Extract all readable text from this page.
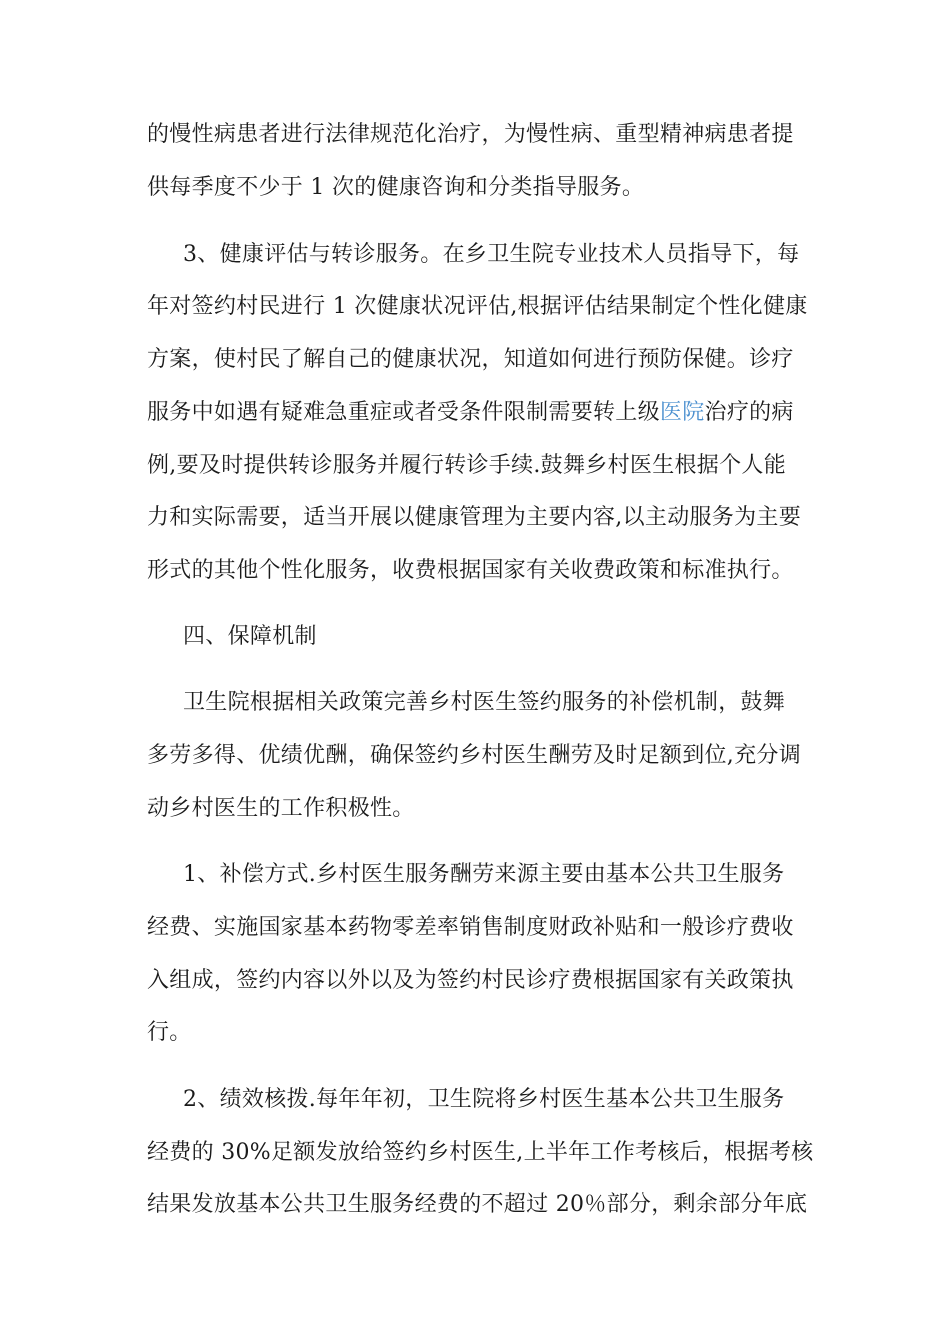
的慢性病患者进行法律规范化治疗，为慢性病、重型精神病患者提
供每季度不少于 1 次的健康咨询和分类指导服务。
3、健康评估与转诊服务。在乡卫生院专业技术人员指导下，每
年对签约村民进行 1 次健康状况评估,根据评估结果制定个性化健康
方案，使村民了解自己的健康状况，知道如何进行预防保健。诊疗
服务中如遇有疑难急重症或者受条件限制需要转上级医院治疗的病
例,要及时提供转诊服务并履行转诊手续.鼓舞乡村医生根据个人能
力和实际需要，适当开展以健康管理为主要内容,以主动服务为主要
形式的其他个性化服务，收费根据国家有关收费政策和标准执行。
四、保障机制
卫生院根据相关政策完善乡村医生签约服务的补偿机制，鼓舞
多劳多得、优绩优酬，确保签约乡村医生酬劳及时足额到位,充分调
动乡村医生的工作积极性。
1、补偿方式.乡村医生服务酬劳来源主要由基本公共卫生服务
经费、实施国家基本药物零差率销售制度财政补贴和一般诊疗费收
入组成，签约内容以外以及为签约村民诊疗费根据国家有关政策执
行。
2、绩效核拨.每年年初，卫生院将乡村医生基本公共卫生服务
经费的 30%足额发放给签约乡村医生,上半年工作考核后，根据考核
结果发放基本公共卫生服务经费的不超过 20％部分，剩余部分年底
